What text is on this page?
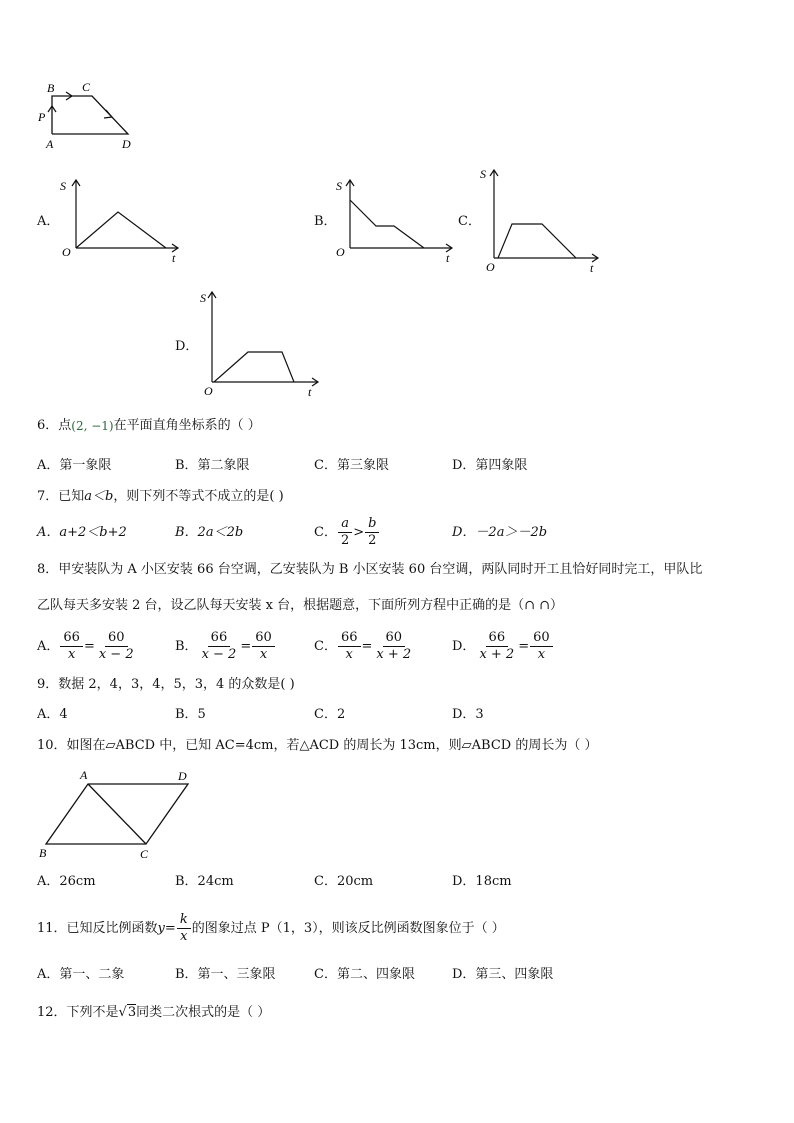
B C
P
A	D
A．
S
O	t
B．
S
O	t
C．
S
O	t
D．
S
O	t
6．点 (2, −1) 在平面直角坐标系的（ ）
A．第一象限	B．第二象限	C．第三象限	D．第四象限
7．已知 a＜b ，则下列不等式不成立的是( )
A．a+2＜b+2	B．2a＜2b	C． $\frac{a}{2} > \frac{b}{2}$	D．－2a＞－2b
8．甲安装队为 A 小区安装 66 台空调，乙安装队为 B 小区安装 60 台空调，两队同时开工且恰好同时完工，甲队比
乙队每天多安装 2 台，设乙队每天安装 x 台，根据题意，下面所列方程中正确的是（∩ ∩）
A． $\frac{66}{x} = \frac{60}{x - 2}$	B． $\frac{66}{x - 2} = \frac{60}{x}$	C． $\frac{66}{x} = \frac{60}{x + 2}$	D． $\frac{66}{x + 2} = \frac{60}{x}$
9．数据 2，4，3，4，5，3，4 的众数是( )
A．4	B．5	C．2	D．3
10．如图在▱ABCD 中，已知 AC=4cm，若△ACD 的周长为 13cm，则▱ABCD 的周长为（ ）
A	D
B	C
A．26cm	B．24cm	C．20cm	D．18cm
11．已知反比例函数 $y = \frac{k}{x}$ 的图象过点 P（1，3），则该反比例函数图象位于（ ）
A．第一、二象	B．第一、三象限	C．第二、四象限	D．第三、四象限
12．下列不是 √ 3 同类二次根式的是（ ）
